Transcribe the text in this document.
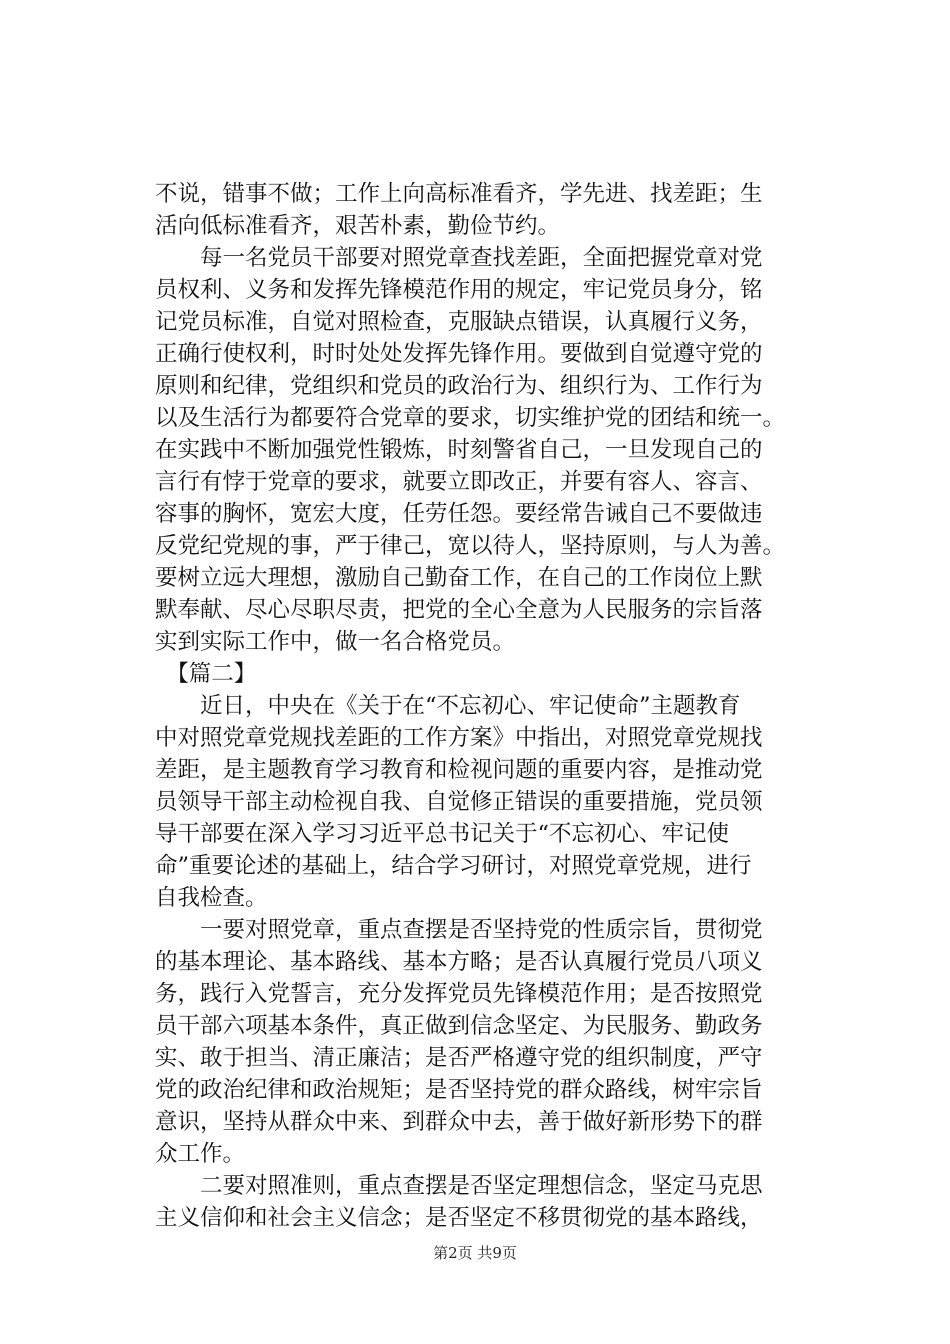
不说，错事不做；工作上向高标准看齐，学先进、找差距；生
活向低标准看齐，艰苦朴素，勤俭节约。
　　每一名党员干部要对照党章查找差距，全面把握党章对党
员权利、义务和发挥先锋模范作用的规定，牢记党员身分，铭
记党员标准，自觉对照检查，克服缺点错误，认真履行义务，
正确行使权利，时时处处发挥先锋作用。要做到自觉遵守党的
原则和纪律，党组织和党员的政治行为、组织行为、工作行为
以及生活行为都要符合党章的要求，切实维护党的团结和统一。
在实践中不断加强党性锻炼，时刻警省自己，一旦发现自己的
言行有悖于党章的要求，就要立即改正，并要有容人、容言、
容事的胸怀，宽宏大度，任劳任怨。要经常告诫自己不要做违
反党纪党规的事，严于律己，宽以待人，坚持原则，与人为善。
要树立远大理想，激励自己勤奋工作，在自己的工作岗位上默
默奉献、尽心尽职尽责，把党的全心全意为人民服务的宗旨落
实到实际工作中，做一名合格党员。
　【篇二】
　　近日，中央在《关于在“不忘初心、牢记使命”主题教育
中对照党章党规找差距的工作方案》中指出，对照党章党规找
差距，是主题教育学习教育和检视问题的重要内容，是推动党
员领导干部主动检视自我、自觉修正错误的重要措施，党员领
导干部要在深入学习习近平总书记关于“不忘初心、牢记使
命”重要论述的基础上，结合学习研讨，对照党章党规，进行
自我检查。
　　一要对照党章，重点查摆是否坚持党的性质宗旨，贯彻党
的基本理论、基本路线、基本方略；是否认真履行党员八项义
务，践行入党誓言，充分发挥党员先锋模范作用；是否按照党
员干部六项基本条件，真正做到信念坚定、为民服务、勤政务
实、敢于担当、清正廉洁；是否严格遵守党的组织制度，严守
党的政治纪律和政治规矩；是否坚持党的群众路线，树牢宗旨
意识，坚持从群众中来、到群众中去，善于做好新形势下的群
众工作。
　　二要对照准则，重点查摆是否坚定理想信念，坚定马克思
主义信仰和社会主义信念；是否坚定不移贯彻党的基本路线，
第2页 共9页
